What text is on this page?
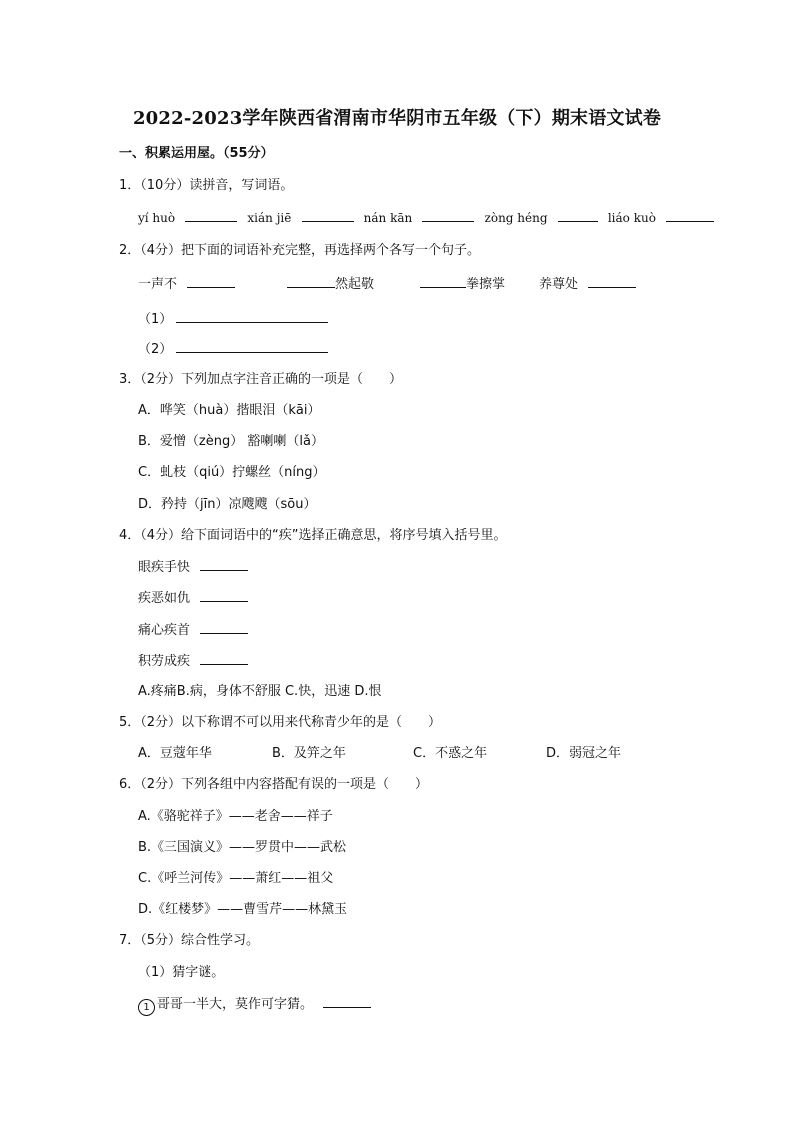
2022-2023学年陕西省渭南市华阴市五年级（下）期末语文试卷
一、积累运用屋。（55分）
1．（10分）读拼音，写词语。
yí huò	xián jiē	nán kān	zòng héng	liáo kuò
2．（4分）把下面的词语补充完整，再选择两个各写一个句子。
一声不	然起敬	拳擦掌	养尊处
（1）
（2）
3．（2分）下列加点字注音正确的一项是（　　）
A．哗笑（huà）揩眼泪（kāi）
B．爱憎（zèng） 豁喇喇（lǎ）
C．虬枝（qiú）拧螺丝（níng）
D．矜持（jīn）凉飕飕（sōu）
4．（4分）给下面词语中的“疾”选择正确意思，将序号填入括号里。
眼疾手快
疾恶如仇
痛心疾首
积劳成疾
A.疼痛B.病，身体不舒服 C.快，迅速 D.恨
5．（2分）以下称谓不可以用来代称青少年的是（　　）
A．豆蔻年华	B．及笄之年	C．不惑之年	D．弱冠之年
6．（2分）下列各组中内容搭配有误的一项是（　　）
A.《骆驼祥子》——老舍——祥子
B.《三国演义》——罗贯中——武松
C.《呼兰河传》——萧红——祖父
D.《红楼梦》——曹雪芹——林黛玉
7．（5分）综合性学习。
（1）猜字谜。
1 哥哥一半大，莫作可字猜。
